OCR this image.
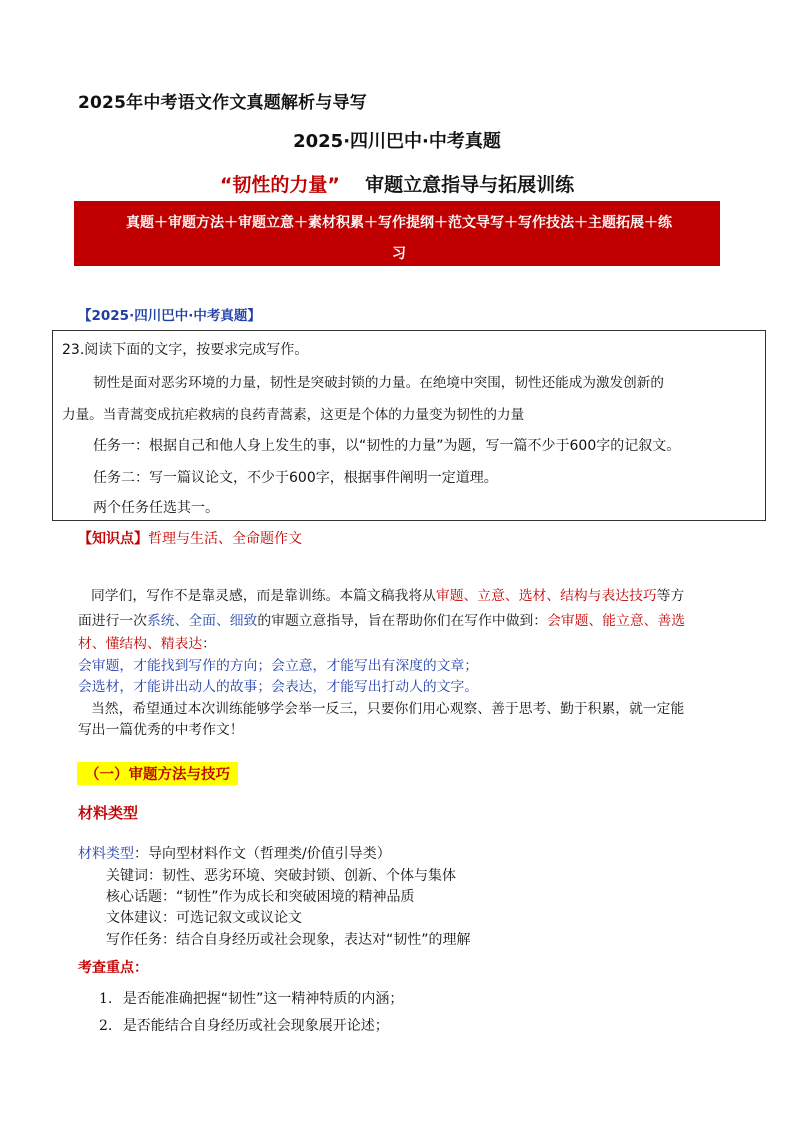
2025年中考语文作文真题解析与导写
2025·四川巴中·中考真题
“韧性的力量” 审题立意指导与拓展训练
真题＋审题方法＋审题立意＋素材积累＋写作提纲＋范文导写＋写作技法＋主题拓展＋练
习
【2025·四川巴中·中考真题】
23.阅读下面的文字，按要求完成写作。
韧性是面对恶劣环境的力量，韧性是突破封锁的力量。在绝境中突围，韧性还能成为激发创新的
力量。当青蒿变成抗疟救病的良药青蒿素，这更是个体的力量变为韧性的力量
任务一：根据自己和他人身上发生的事，以“韧性的力量”为题，写一篇不少于600字的记叙文。
任务二：写一篇议论文，不少于600字，根据事件阐明一定道理。
两个任务任选其一。
【知识点】哲理与生活、全命题作文
同学们，写作不是靠灵感，而是靠训练。本篇文稿我将从审题、立意、选材、结构与表达技巧等方
面进行一次系统、全面、细致的审题立意指导，旨在帮助你们在写作中做到：会审题、能立意、善选
材、懂结构、精表达：
会审题，才能找到写作的方向；会立意，才能写出有深度的文章；
会选材，才能讲出动人的故事；会表达，才能写出打动人的文字。
当然，希望通过本次训练能够学会举一反三，只要你们用心观察、善于思考、勤于积累，就一定能
写出一篇优秀的中考作文！
（一）审题方法与技巧
材料类型
材料类型：导向型材料作文（哲理类/价值引导类）
关键词：韧性、恶劣环境、突破封锁、创新、个体与集体
核心话题：“韧性”作为成长和突破困境的精神品质
文体建议：可选记叙文或议论文
写作任务：结合自身经历或社会现象，表达对“韧性”的理解
考查重点：
1. 是否能准确把握“韧性”这一精神特质的内涵；
2. 是否能结合自身经历或社会现象展开论述；
